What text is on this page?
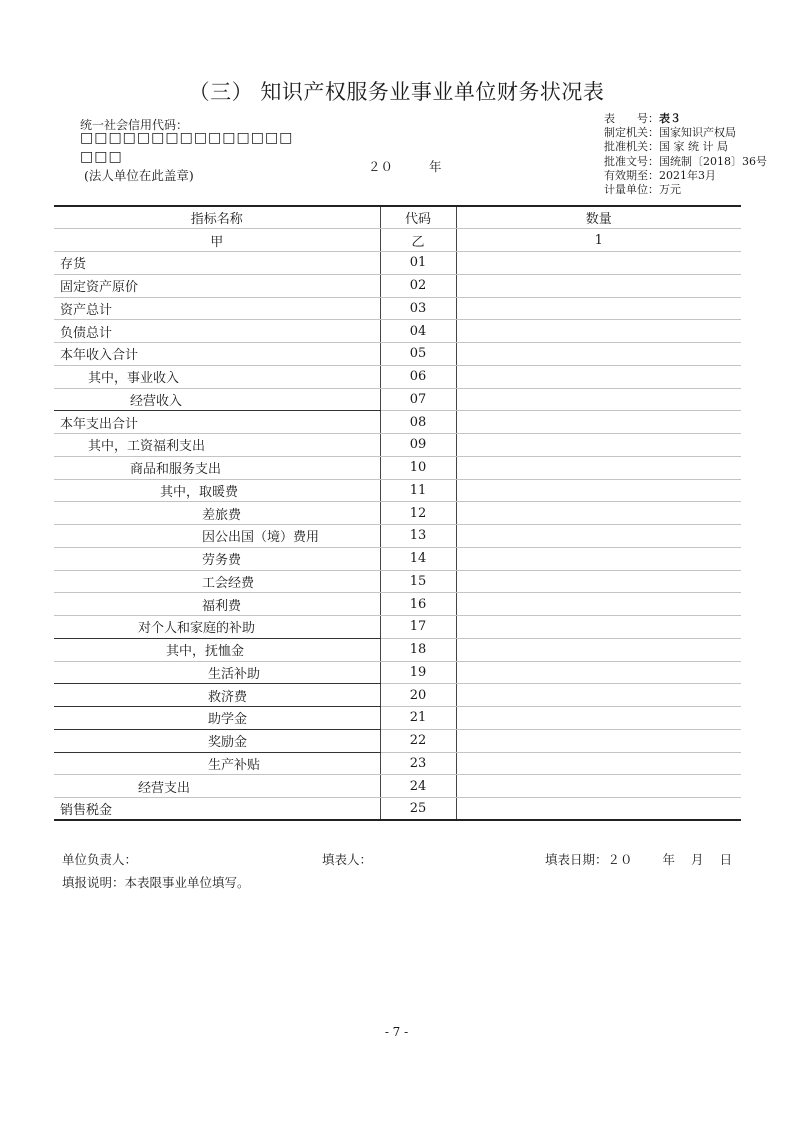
（三） 知识产权服务业事业单位财务状况表
统一社会信用代码：
□□□□□□□□□□□□□□□
□□□
(法人单位在此盖章)
２０	年
表　　号：表３
制定机关：国家知识产权局
批准机关：国 家 统 计 局
批准文号：国统制〔2018〕36号
有效期至：2021年3月
计量单位：万元
指标名称	代码	数量
甲	乙	1
存货	01	
固定资产原价	02	
资产总计	03	
负债总计	04	
本年收入合计	05	
其中，事业收入	06	
经营收入	07	
本年支出合计	08	
其中，工资福利支出	09	
商品和服务支出	10	
其中，取暖费	11	
差旅费	12	
因公出国（境）费用	13	
劳务费	14	
工会经费	15	
福利费	16	
对个人和家庭的补助	17	
其中，抚恤金	18	
生活补助	19	
救济费	20	
助学金	21	
奖励金	22	
生产补贴	23	
经营支出	24	
销售税金	25	
单位负责人：	填表人：	填表日期：２０ 年 月 日
填报说明：本表限事业单位填写。
- 7 -
